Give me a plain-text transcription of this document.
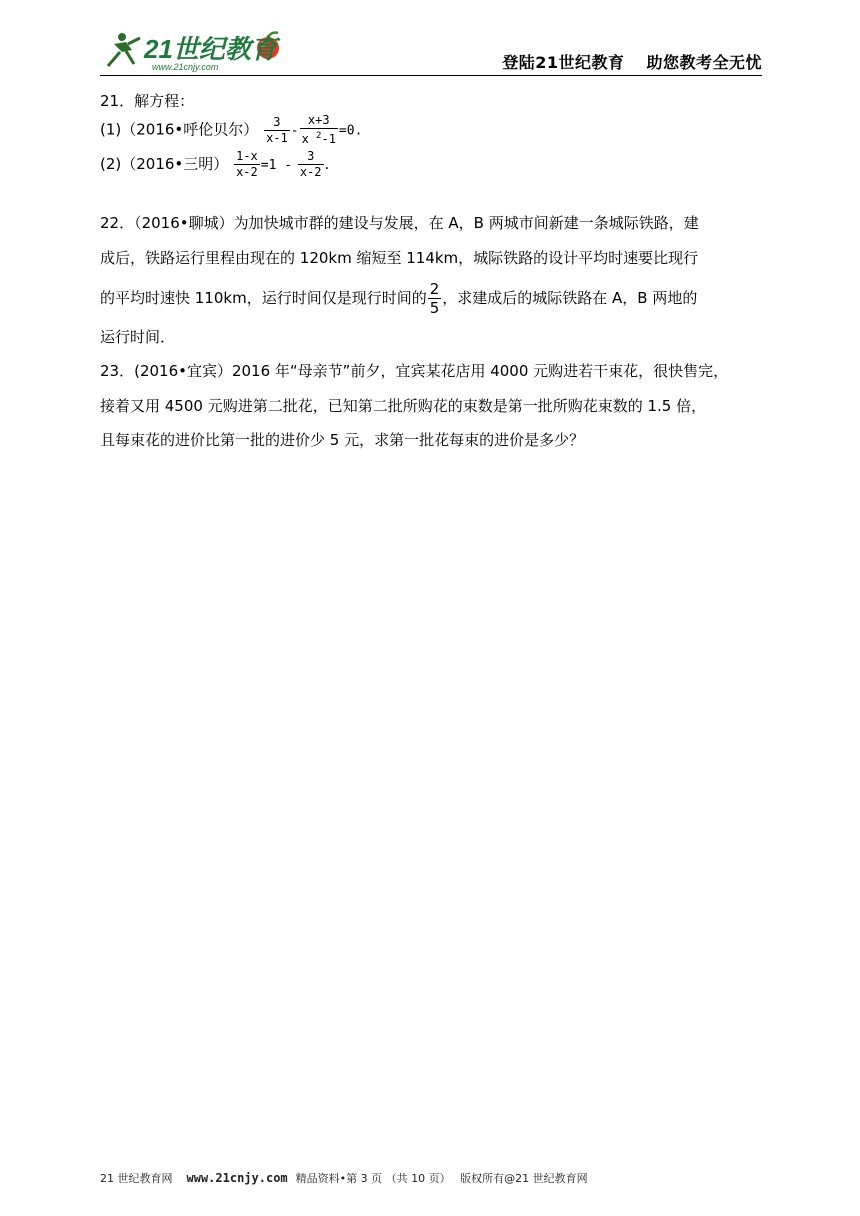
21世纪教育
www.21cnjy.com	登陆21世纪教育 助您教考全无忧
21．解方程：
(1)（2016•呼伦贝尔） $\frac{3}{x-1} - \frac{x+3}{x ^2-1} =0$.
(2)（2016•三明） $\frac{1-x}{x-2} =1 - \frac{3}{x-2}$ .
22．（2016•聊城）为加快城市群的建设与发展，在 A，B 两城市间新建一条城际铁路，建
成后，铁路运行里程由现在的 120km 缩短至 114km，城际铁路的设计平均时速要比现行
的平均时速快 110km，运行时间仅是现行时间的 $\frac{2}{5}$ ，求建成后的城际铁路在 A，B 两地的
运行时间．
23．(2016•宜宾）2016 年“母亲节”前夕，宜宾某花店用 4000 元购进若干束花，很快售完，
接着又用 4500 元购进第二批花，已知第二批所购花的束数是第一批所购花束数的 1.5 倍，
且每束花的进价比第一批的进价少 5 元，求第一批花每束的进价是多少？
21 世纪教育网 www.21cnjy.com 精品资料•第 3 页 （共 10 页） 版权所有@21 世纪教育网
